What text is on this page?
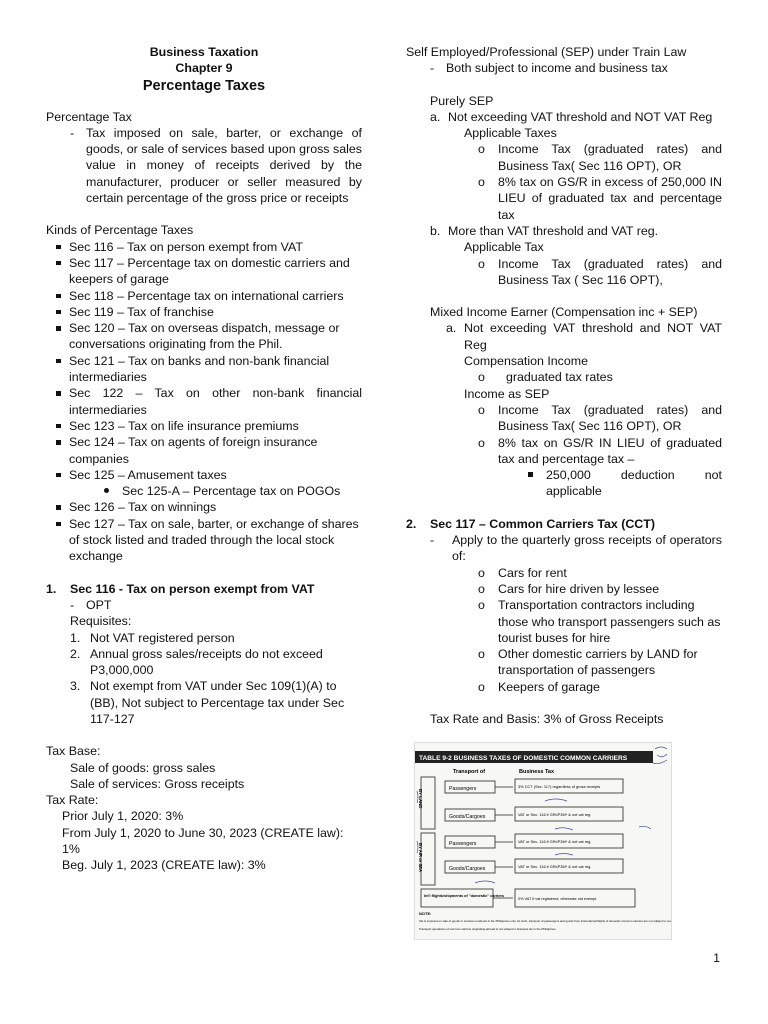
Business Taxation
Chapter 9
Percentage Taxes
Percentage Tax
- Tax imposed on sale, barter, or exchange of goods, or sale of services based upon gross sales value in money of receipts derived by the manufacturer, producer or seller measured by certain percentage of the gross price or receipts
Kinds of Percentage Taxes
Sec 116 – Tax on person exempt from VAT
Sec 117 – Percentage tax on domestic carriers and keepers of garage
Sec 118 – Percentage tax on international carriers
Sec 119 – Tax of franchise
Sec 120 – Tax on overseas dispatch, message or conversations originating from the Phil.
Sec 121 – Tax on banks and non-bank financial intermediaries
Sec 122 – Tax on other non-bank financial intermediaries
Sec 123 – Tax on life insurance premiums
Sec 124 – Tax on agents of foreign insurance companies
Sec 125 – Amusement taxes
Sec 125-A – Percentage tax on POGOs
Sec 126 – Tax on winnings
Sec 127 – Tax on sale, barter, or exchange of shares of stock listed and traded through the local stock exchange
1. Sec 116 - Tax on person exempt from VAT
- OPT
Requisites:
1. Not VAT registered person
2. Annual gross sales/receipts do not exceed P3,000,000
3. Not exempt from VAT under Sec 109(1)(A) to (BB), Not subject to Percentage tax under Sec 117-127
Tax Base:
Sale of goods: gross sales
Sale of services: Gross receipts
Tax Rate:
Prior July 1, 2020: 3%
From July 1, 2020 to June 30, 2023 (CREATE law): 1%
Beg. July 1, 2023 (CREATE law): 3%
Self Employed/Professional (SEP) under Train Law
- Both subject to income and business tax
Purely SEP
a. Not exceeding VAT threshold and NOT VAT Reg
Applicable Taxes
o Income Tax (graduated rates) and Business Tax( Sec 116 OPT), OR
o 8% tax on GS/R in excess of 250,000 IN LIEU of graduated tax and percentage tax
b. More than VAT threshold and VAT reg.
Applicable Tax
o Income Tax (graduated rates) and Business Tax ( Sec 116 OPT),
Mixed Income Earner (Compensation inc + SEP)
a. Not exceeding VAT threshold and NOT VAT Reg
Compensation Income
o graduated tax rates
Income as SEP
o Income Tax (graduated rates) and Business Tax( Sec 116 OPT), OR
o 8% tax on GS/R IN LIEU of graduated tax and percentage tax –
250,000 deduction not applicable
2. Sec 117 – Common Carriers Tax (CCT)
- Apply to the quarterly gross receipts of operators of:
o Cars for rent
o Cars for hire driven by lessee
o Transportation contractors including those who transport passengers such as tourist buses for hire
o Other domestic carriers by LAND for transportation of passengers
o Keepers of garage
Tax Rate and Basis: 3% of Gross Receipts
TABLE 9-2 BUSINESS TAXES OF DOMESTIC COMMON CARRIERS
Transport of	Business Tax
BY LAND
BY AIR or SEA
Passengers
Goods/Cargoes
Passengers
Goods/Cargoes
3% CCT (Sec. 117) regardless of gross receipts
VAT or Sec. 116 if GR≤P3M* & not vat reg.
VAT or Sec. 116 if GR≤P3M* & not vat reg.
VAT or Sec. 116 if GR≤P3M* & not vat reg.
Int'l flights/shipments of "domestic" carriers
0% VAT if vat registered, otherwise vat exempt
NOTE:
Vat is imposed on sale of goods or services rendered in the Philippines only. As such, transport of passengers and goods from international flights of domestic common carriers are not subject to vat.
Transport operations of common carriers originating abroad is not subject to business tax in the Philippines.
1
